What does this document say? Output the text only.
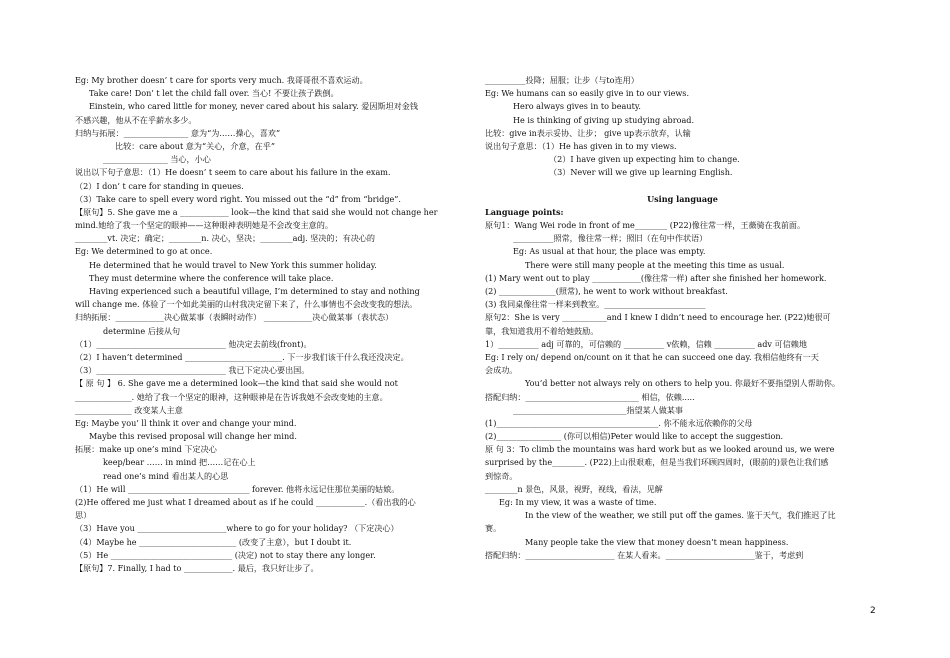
Eg: My brother doesn’ t care for sports very much. 我哥哥很不喜欢运动。
Take care! Don’ t let the child fall over. 当心! 不要让孩子跌倒。
Einstein, who cared little for money, never cared about his salary. 爱因斯坦对金钱
不感兴趣，他从不在乎薪水多少。
归纳与拓展：________________ 意为“为……操心，喜欢”
比较：care about 意为“关心，介意，在乎”
________________ 当心，小心
说出以下句子意思：（1）He doesn’ t seem to care about his failure in the exam.
（2）I don’ t care for standing in queues.
（3）Take care to spell every word right. You missed out the “d” from “bridge”.
【原句】5. She gave me a ____________ look—the kind that said she would not change her
mind.她给了我一个坚定的眼神——这种眼神表明她是不会改变主意的。
________vt. 决定；确定；________n. 决心，坚决；________adj. 坚决的；有决心的
Eg: We determined to go at once.
He determined that he would travel to New York this summer holiday.
They must determine where the conference will take place.
Having experienced such a beautiful village, I’m determined to stay and nothing
will change me. 体验了一个如此美丽的山村我决定留下来了，什么事情也不会改变我的想法。
归纳拓展：____________决心做某事（表瞬时动作） ____________决心做某事（表状态）
determine 后接从句
（1）________________________________ 他决定去前线(front)。
（2）I haven’t determined ________________________. 下一步我们该干什么我还没决定。
（3）________________________________ 我已下定决心要出国。
【 原 句 】 6. She gave me a determined look—the kind that said she would not
______________. 她给了我一个坚定的眼神，这种眼神是在告诉我她不会改变她的主意。
______________ 改变某人主意
Eg: Maybe you’ ll think it over and change your mind.
Maybe this revised proposal will change her mind.
拓展：make up one’s mind 下定决心
keep/bear …… in mind 把……记在心上
read one’s mind 看出某人的心思
（1）He will ______________________________ forever. 他将永远记住那位美丽的姑娘。
(2)He offered me just what I dreamed about as if he could ____________.（看出我的心
思）
（3）Have you ______________________where to go for your holiday? （下定决心）
（4）Maybe he ________________________ (改变了主意），but I doubt it.
（5）He ______________________________ (决定) not to stay there any longer.
【原句】7. Finally, I had to ____________. 最后，我只好让步了。
__________投降；屈服；让步（与to连用）
Eg: We humans can so easily give in to our views.
Hero always gives in to beauty.
He is thinking of giving up studying abroad.
比较：give in表示妥协、让步； give up表示放弃，认输
说出句子意思：（1）He has given in to my views.
（2）I have given up expecting him to change.
（3）Never will we give up learning English.
Using language
Language points:
原句1：Wang Wei rode in front of me________ (P22)像往常一样，王薇骑在我前面。
__________照常，像往常一样；照旧（在句中作状语）
Eg: As usual at that hour, the place was empty.
There were still many people at the meeting this time as usual.
(1) Mary went out to play ____________(像往常一样) after she finished her homework.
(2) ______________(照常), he went to work without breakfast.
(3) 我同桌像往常一样来到教室。_________________________
原句2：She is very ___________and I knew I didn’t need to encourage her. (P22)她很可
靠，我知道我用不着给她鼓励。
1）__________ adj 可靠的，可信赖的 __________ v依赖，信赖 __________ adv 可信赖地
Eg: I rely on/ depend on/count on it that he can succeed one day. 我相信他终有一天
会成功。
You’d better not always rely on others to help you. 你最好不要指望别人帮助你。
搭配归纳：____________________________ 相信，依赖.....
____________________________指望某人做某事
(1)________________________________________. 你不能永远依赖你的父母
(2)________________ (你可以相信)Peter would like to accept the suggestion.
原 句 3：To climb the mountains was hard work but as we looked around us, we were
surprised by the________. (P22)上山很艰难，但是当我们环顾四周时，(眼前的)景色让我们感
到惊奇。
________n 景色，风景，视野，视线，看法，见解
Eg: In my view, it was a waste of time.
In the view of the weather, we still put off the games. 鉴于天气，我们推迟了比
赛。
Many people take the view that money doesn’t mean happiness.
搭配归纳：______________________ 在某人看来。______________________鉴于，考虑到
2
